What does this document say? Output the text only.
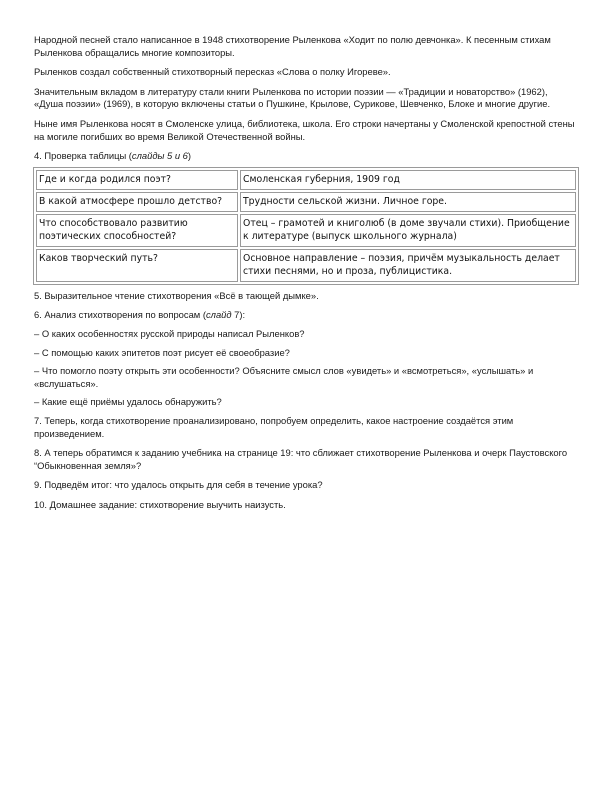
Народной песней стало написанное в 1948 стихотворение Рыленкова «Ходит по полю девчонка». К песенным стихам Рыленкова обращались многие композиторы.

Рыленков создал собственный стихотворный пересказ «Слова о полку Игореве».

Значительным вкладом в литературу стали книги Рыленкова по истории поэзии — «Традиции и новаторство» (1962), «Душа поэзии» (1969), в которую включены статьи о Пушкине, Крылове, Сурикове, Шевченко, Блоке и многие другие.

Ныне имя Рыленкова носят в Смоленске улица, библиотека, школа. Его строки начертаны у Смоленской крепостной стены на могиле погибших во время Великой Отечественной войны.

4. Проверка таблицы (слайды 5 и 6)

Где и когда родился поэт?	Смоленская губерния, 1909 год
В какой атмосфере прошло детство?	Трудности сельской жизни. Личное горе.
Что способствовало развитию поэтических способностей?	Отец – грамотей и книголюб (в доме звучали стихи). Приобщение к литературе (выпуск школьного журнала)
Каков творческий путь?	Основное направление – поэзия, причём музыкальность делает стихи песнями, но и проза, публицистика.

5. Выразительное чтение стихотворения «Всё в тающей дымке».

6. Анализ стихотворения по вопросам (слайд 7):

– О каких особенностях русской природы написал Рыленков?

– С помощью каких эпитетов поэт рисует её своеобразие?

– Что помогло поэту открыть эти особенности? Объясните смысл слов «увидеть» и «всмотреться», «услышать» и «вслушаться».

– Какие ещё приёмы удалось обнаружить?

7. Теперь, когда стихотворение проанализировано, попробуем определить, какое настроение создаётся этим произведением.

8. А теперь обратимся к заданию учебника на странице 19: что сближает стихотворение Рыленкова и очерк Паустовского “Обыкновенная земля»?

9. Подведём итог: что удалось открыть для себя в течение урока?

10. Домашнее задание: стихотворение выучить наизусть.
